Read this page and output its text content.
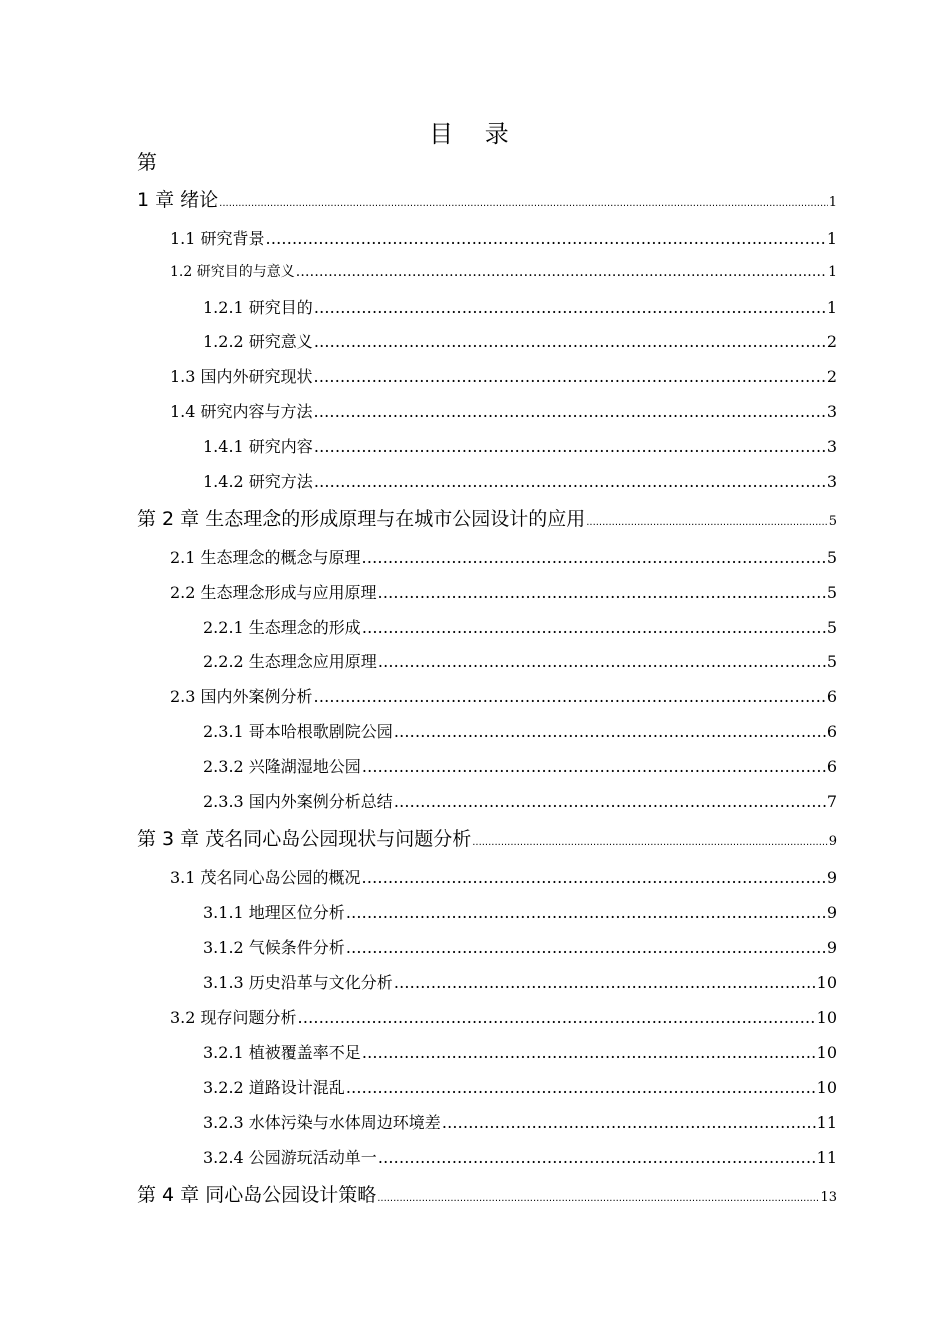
目 录
第
1 章 绪论 .....	1
1.1 研究背景 .....	1
1.2 研究目的与意义 .....	1
1.2.1 研究目的 .....	1
1.2.2 研究意义 .....	2
1.3 国内外研究现状 .....	2
1.4 研究内容与方法 .....	3
1.4.1 研究内容 .....	3
1.4.2 研究方法 .....	3
第 2 章 生态理念的形成原理与在城市公园设计的应用 .....	5
2.1 生态理念的概念与原理 .....	5
2.2 生态理念形成与应用原理 .....	5
2.2.1 生态理念的形成 .....	5
2.2.2 生态理念应用原理 .....	5
2.3 国内外案例分析 .....	6
2.3.1 哥本哈根歌剧院公园 .....	6
2.3.2 兴隆湖湿地公园 .....	6
2.3.3 国内外案例分析总结 .....	7
第 3 章 茂名同心岛公园现状与问题分析 .....	9
3.1 茂名同心岛公园的概况 .....	9
3.1.1 地理区位分析 .....	9
3.1.2 气候条件分析 .....	9
3.1.3 历史沿革与文化分析 .....	10
3.2 现存问题分析 .....	10
3.2.1 植被覆盖率不足 .....	10
3.2.2 道路设计混乱 .....	10
3.2.3 水体污染与水体周边环境差 .....	11
3.2.4 公园游玩活动单一 .....	11
第 4 章 同心岛公园设计策略 .....	13
